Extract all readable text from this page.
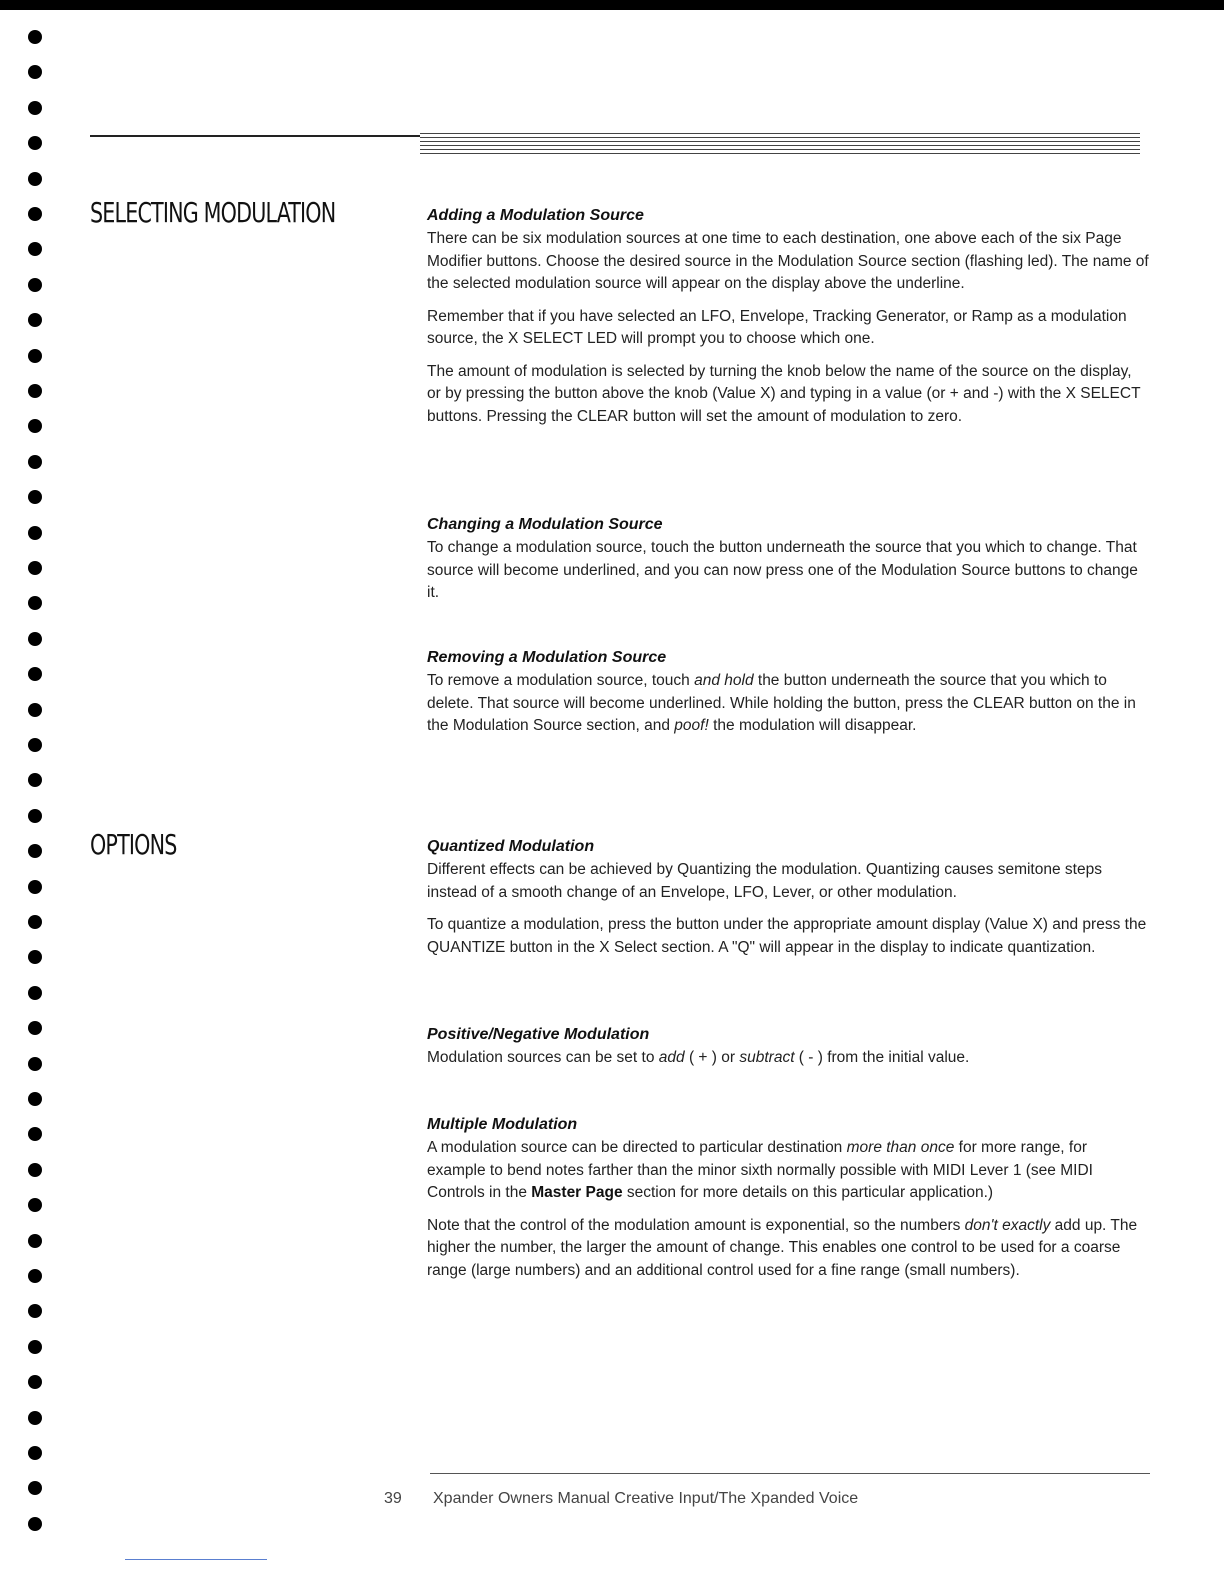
SELECTING MODULATION
OPTIONS

Adding a Modulation Source

There can be six modulation sources at one time to each destination, one above each of the six Page Modifier buttons. Choose the desired source in the Modulation Source section (flashing led). The name of the selected modulation source will appear on the display above the underline.

Remember that if you have selected an LFO, Envelope, Tracking Generator, or Ramp as a modulation source, the X SELECT LED will prompt you to choose which one.

The amount of modulation is selected by turning the knob below the name of the source on the display, or by pressing the button above the knob (Value X) and typing in a value (or + and -) with the X SELECT buttons. Pressing the CLEAR button will set the amount of modulation to zero.

Changing a Modulation Source

To change a modulation source, touch the button underneath the source that you which to change. That source will become underlined, and you can now press one of the Modulation Source buttons to change it.

Removing a Modulation Source

To remove a modulation source, touch and hold the button underneath the source that you which to delete. That source will become underlined. While holding the button, press the CLEAR button on the in the Modulation Source section, and poof! the modulation will disappear.

Quantized Modulation

Different effects can be achieved by Quantizing the modulation. Quantizing causes semitone steps instead of a smooth change of an Envelope, LFO, Lever, or other modulation.

To quantize a modulation, press the button under the appropriate amount display (Value X) and press the QUANTIZE button in the X Select section. A "Q" will appear in the display to indicate quantization.

Positive/Negative Modulation

Modulation sources can be set to add ( + ) or subtract ( - ) from the initial value.

Multiple Modulation

A modulation source can be directed to particular destination more than once for more range, for example to bend notes farther than the minor sixth normally possible with MIDI Lever 1 (see MIDI Controls in the Master Page section for more details on this particular application.)

Note that the control of the modulation amount is exponential, so the numbers don't exactly add up. The higher the number, the larger the amount of change. This enables one control to be used for a coarse range (large numbers) and an additional control used for a fine range (small numbers).

39 Xpander Owners Manual Creative Input/The Xpanded Voice
